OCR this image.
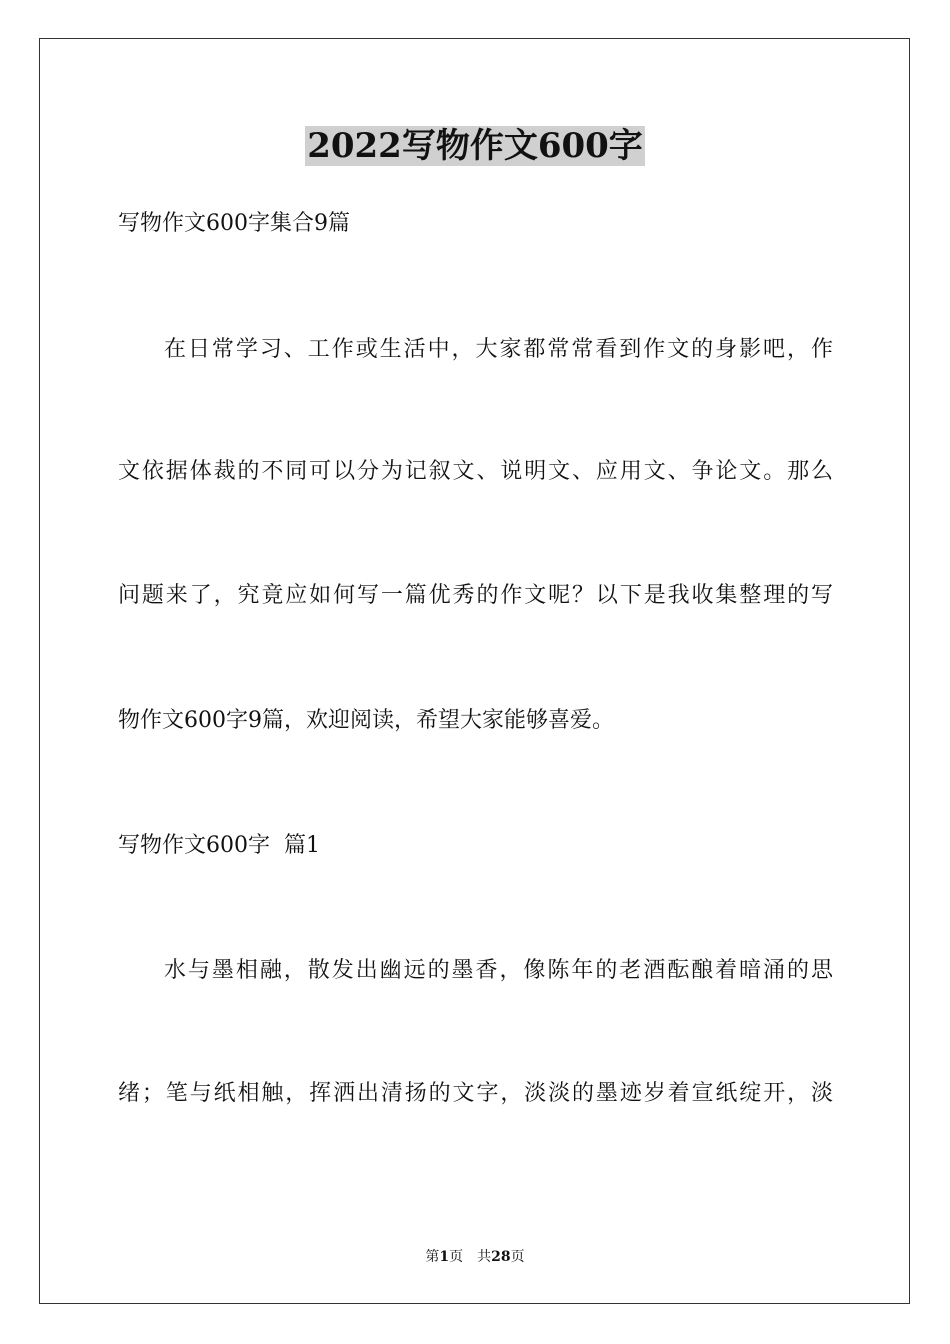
2022写物作文600字
写物作文600字集合9篇
在日常学习、工作或生活中，大家都常常看到作文的身影吧，作
文依据体裁的不同可以分为记叙文、说明文、应用文、争论文。那么
问题来了，究竟应如何写一篇优秀的作文呢？以下是我收集整理的写
物作文600字9篇，欢迎阅读，希望大家能够喜爱。
写物作文600字  篇1
水与墨相融，散发出幽远的墨香，像陈年的老酒酝酿着暗涌的思
绪；笔与纸相触，挥洒出清扬的文字，淡淡的墨迹岁着宣纸绽开，淡
第1页 共28页
